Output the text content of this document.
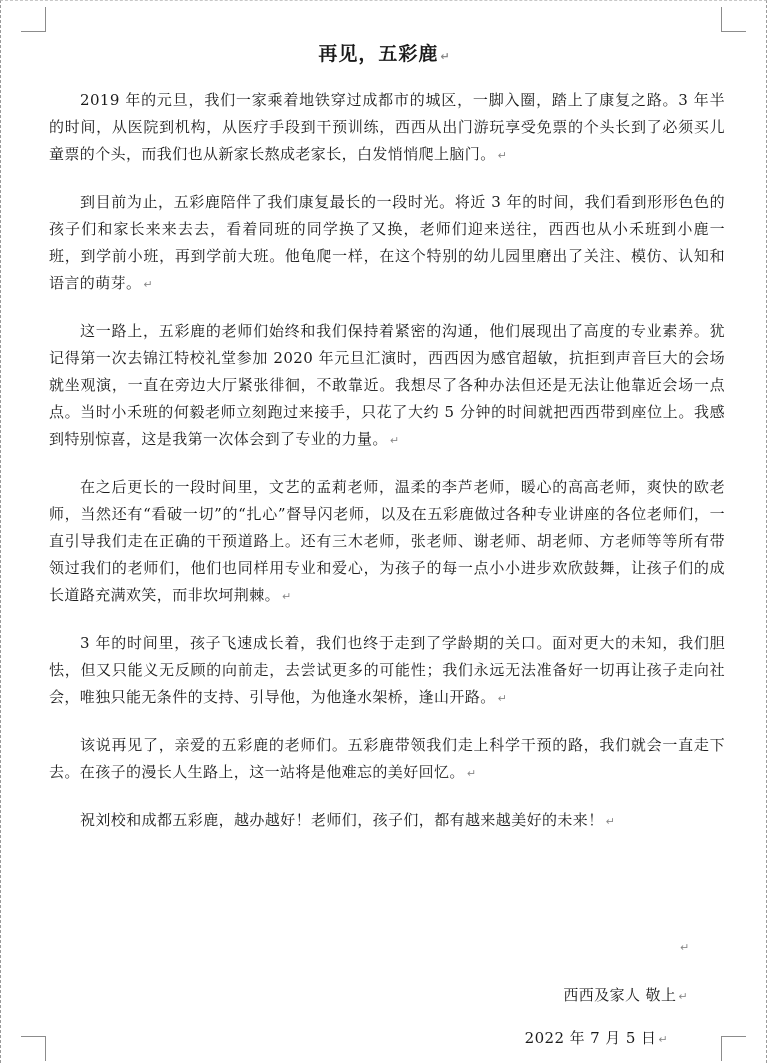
再见，五彩鹿 ↵

2019 年的元旦，我们一家乘着地铁穿过成都市的城区，一脚入圈，踏上了康复之路。3 年半的时间，从医院到机构，从医疗手段到干预训练，西西从出门游玩享受免票的个头长到了必须买儿童票的个头，而我们也从新家长熬成老家长，白发悄悄爬上脑门。 ↵

到目前为止，五彩鹿陪伴了我们康复最长的一段时光。将近 3 年的时间，我们看到形形色色的孩子们和家长来来去去，看着同班的同学换了又换，老师们迎来送往，西西也从小禾班到小鹿一班，到学前小班，再到学前大班。他龟爬一样，在这个特别的幼儿园里磨出了关注、模仿、认知和语言的萌芽。 ↵

这一路上，五彩鹿的老师们始终和我们保持着紧密的沟通，他们展现出了高度的专业素养。犹记得第一次去锦江特校礼堂参加 2020 年元旦汇演时，西西因为感官超敏，抗拒到声音巨大的会场就坐观演，一直在旁边大厅紧张徘徊，不敢靠近。我想尽了各种办法但还是无法让他靠近会场一点点。当时小禾班的何毅老师立刻跑过来接手，只花了大约 5 分钟的时间就把西西带到座位上。我感到特别惊喜，这是我第一次体会到了专业的力量。 ↵

在之后更长的一段时间里，文艺的孟莉老师，温柔的李芦老师，暖心的高高老师，爽快的欧老师，当然还有“看破一切”的“扎心”督导闪老师，以及在五彩鹿做过各种专业讲座的各位老师们，一直引导我们走在正确的干预道路上。还有三木老师，张老师、谢老师、胡老师、方老师等等所有带领过我们的老师们，他们也同样用专业和爱心，为孩子的每一点小小进步欢欣鼓舞，让孩子们的成长道路充满欢笑，而非坎坷荆棘。 ↵

3 年的时间里，孩子飞速成长着，我们也终于走到了学龄期的关口。面对更大的未知，我们胆怯，但又只能义无反顾的向前走，去尝试更多的可能性；我们永远无法准备好一切再让孩子走向社会，唯独只能无条件的支持、引导他，为他逢水架桥，逢山开路。 ↵

该说再见了，亲爱的五彩鹿的老师们。五彩鹿带领我们走上科学干预的路，我们就会一直走下去。在孩子的漫长人生路上，这一站将是他难忘的美好回忆。 ↵

祝刘校和成都五彩鹿，越办越好！老师们，孩子们，都有越来越美好的未来！ ↵

↵
西西及家人 敬上 ↵
2022 年 7 月 5 日 ↵
